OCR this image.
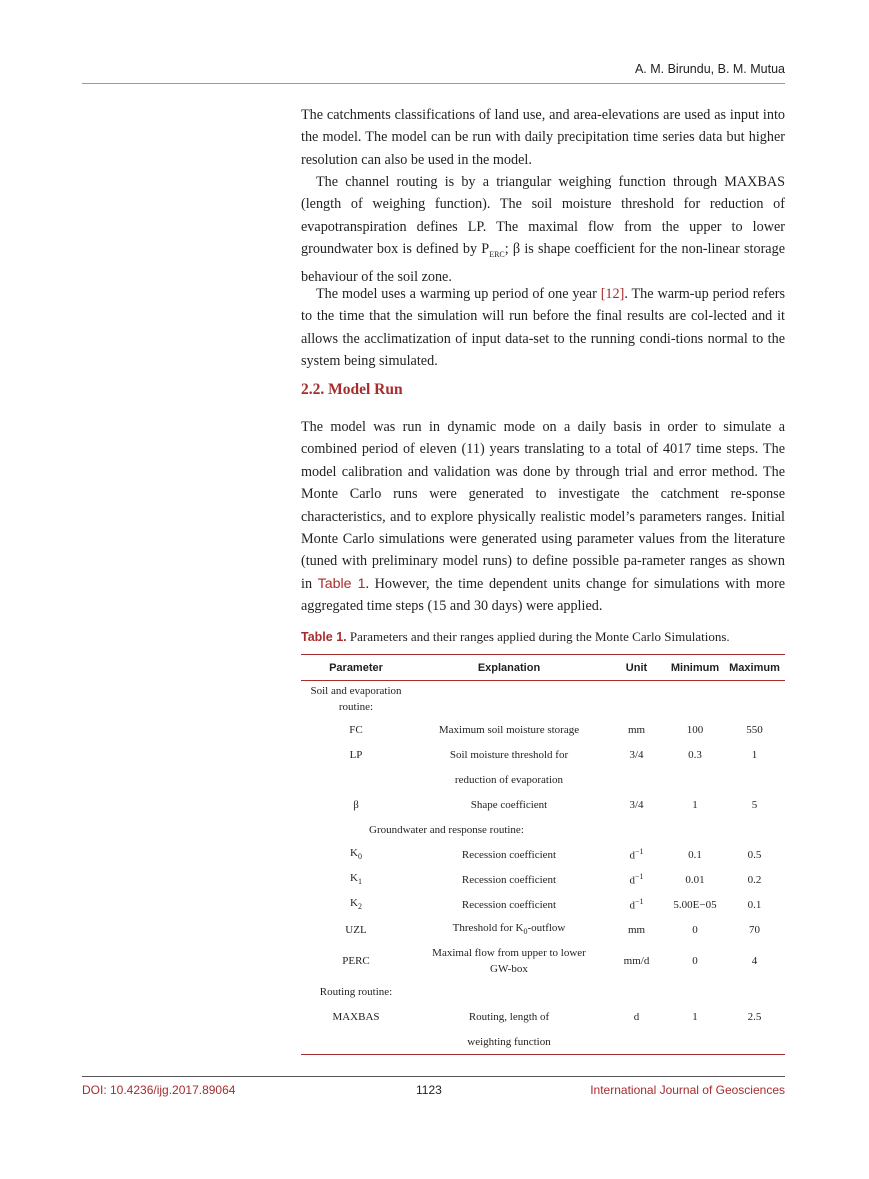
A. M. Birundu, B. M. Mutua

The catchments classifications of land use, and area-elevations are used as input into the model. The model can be run with daily precipitation time series data but higher resolution can also be used in the model.

The channel routing is by a triangular weighing function through MAXBAS (length of weighing function). The soil moisture threshold for reduction of evapotranspiration defines LP. The maximal flow from the upper to lower groundwater box is defined by $P_{ERC}$; β is shape coefficient for the non-linear storage behaviour of the soil zone.

The model uses a warming up period of one year [12]. The warm-up period refers to the time that the simulation will run before the final results are col-lected and it allows the acclimatization of input data-set to the running condi-tions normal to the system being simulated.

2.2. Model Run

The model was run in dynamic mode on a daily basis in order to simulate a combined period of eleven (11) years translating to a total of 4017 time steps. The model calibration and validation was done by through trial and error method. The Monte Carlo runs were generated to investigate the catchment re-sponse characteristics, and to explore physically realistic model’s parameters ranges. Initial Monte Carlo simulations were generated using parameter values from the literature (tuned with preliminary model runs) to define possible pa-rameter ranges as shown in Table 1. However, the time dependent units change for simulations with more aggregated time steps (15 and 30 days) were applied.

Table 1. Parameters and their ranges applied during the Monte Carlo Simulations.

Parameter	Explanation	Unit	Minimum	Maximum
Soil and evaporation routine:				
FC	Maximum soil moisture storage	mm	100	550
LP	Soil moisture threshold for	3/4	0.3	1
	reduction of evaporation			
β	Shape coefficient	3/4	1	5
Groundwater and response routine:				
$K_0$	Recession coefficient	$d^{-1}$	0.1	0.5
$K_1$	Recession coefficient	$d^{-1}$	0.01	0.2
$K_2$	Recession coefficient	$d^{-1}$	5.00E−05	0.1
UZL	Threshold for $K_0$-outflow	mm	0	70
PERC	Maximal flow from upper to lower GW-box	mm/d	0	4
Routing routine:				
MAXBAS	Routing, length of	d	1	2.5
	weighting function			
DOI: 10.4236/ijg.2017.89064	1123	International Journal of Geosciences
